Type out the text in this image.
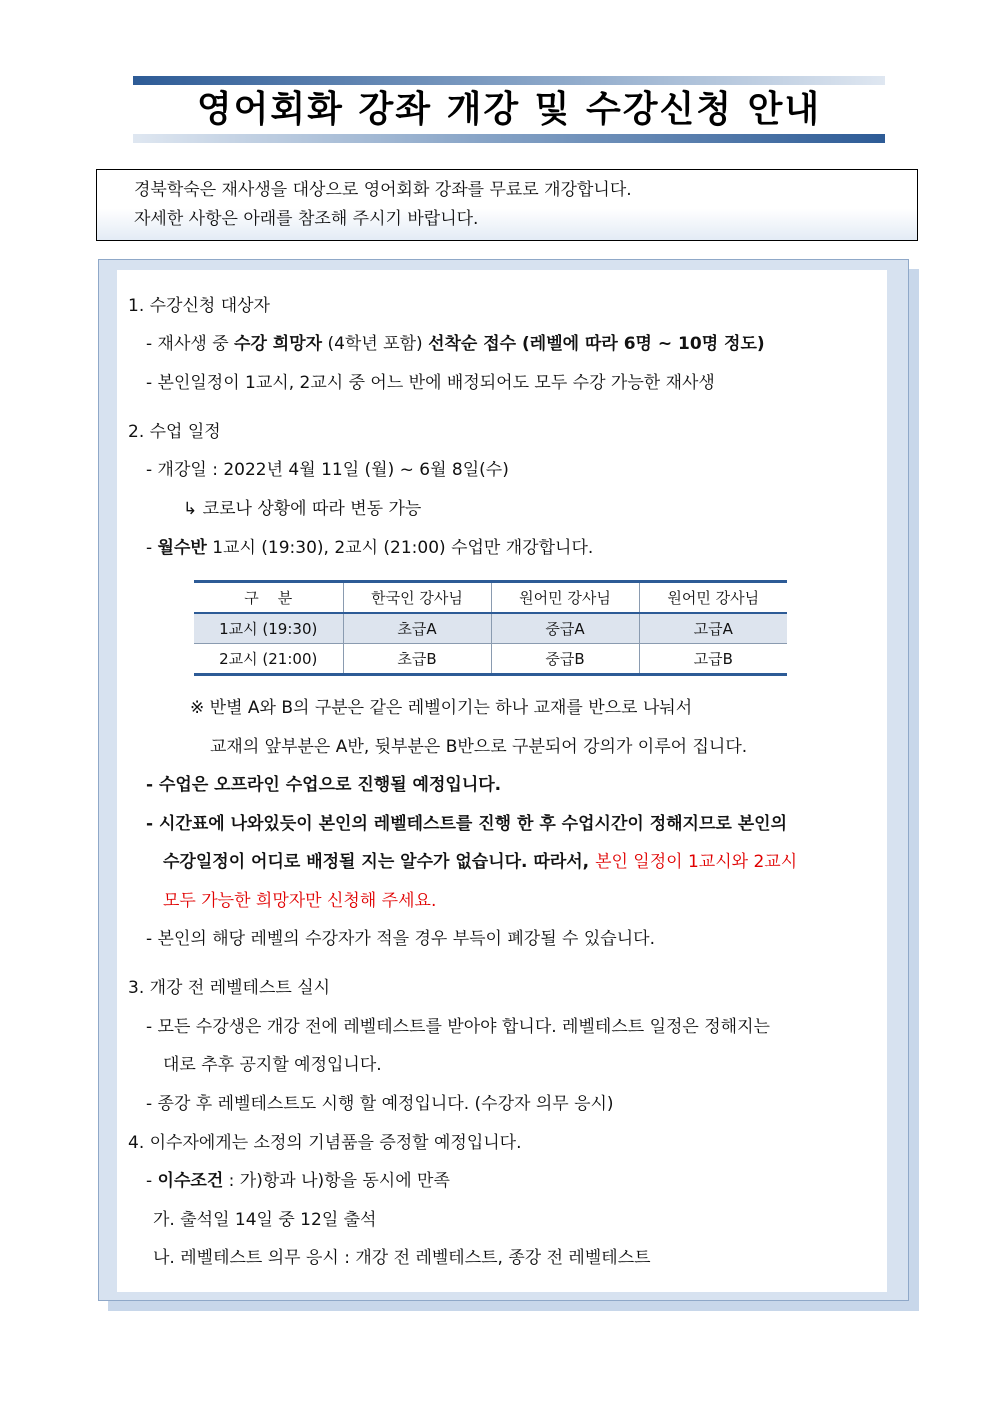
영어회화 강좌 개강 및 수강신청 안내

경북학숙은 재사생을 대상으로 영어회화 강좌를 무료로 개강합니다.

자세한 사항은 아래를 참조해 주시기 바랍니다.

1. 수강신청 대상자
- 재사생 중 수강 희망자 (4학년 포함) 선착순 접수 (레벨에 따라 6명 ~ 10명 정도)
- 본인일정이 1교시, 2교시 중 어느 반에 배정되어도 모두 수강 가능한 재사생
2. 수업 일정
- 개강일 : 2022년 4월 11일 (월) ~ 6월 8일(수)
↳ 코로나 상황에 따라 변동 가능
- 월수반 1교시 (19:30), 2교시 (21:00) 수업만 개강합니다.
구    분	한국인 강사님	원어민 강사님	원어민 강사님
1교시 (19:30)	초급A	중급A	고급A
2교시 (21:00)	초급B	중급B	고급B
※ 반별 A와 B의 구분은 같은 레벨이기는 하나 교재를 반으로 나눠서
교재의 앞부분은 A반, 뒷부분은 B반으로 구분되어 강의가 이루어 집니다.
- 수업은 오프라인 수업으로 진행될 예정입니다.
- 시간표에 나와있듯이 본인의 레벨테스트를 진행 한 후 수업시간이 정해지므로 본인의
수강일정이 어디로 배정될 지는 알수가 없습니다. 따라서, 본인 일정이 1교시와 2교시
모두 가능한 희망자만 신청해 주세요.
- 본인의 해당 레벨의 수강자가 적을 경우 부득이 폐강될 수 있습니다.
3. 개강 전 레벨테스트 실시
- 모든 수강생은 개강 전에 레벨테스트를 받아야 합니다. 레벨테스트 일정은 정해지는
대로 추후 공지할 예정입니다.
- 종강 후 레벨테스트도 시행 할 예정입니다. (수강자 의무 응시)
4. 이수자에게는 소정의 기념품을 증정할 예정입니다.
- 이수조건 : 가)항과 나)항을 동시에 만족
가. 출석일 14일 중 12일 출석
나. 레벨테스트 의무 응시 : 개강 전 레벨테스트, 종강 전 레벨테스트
